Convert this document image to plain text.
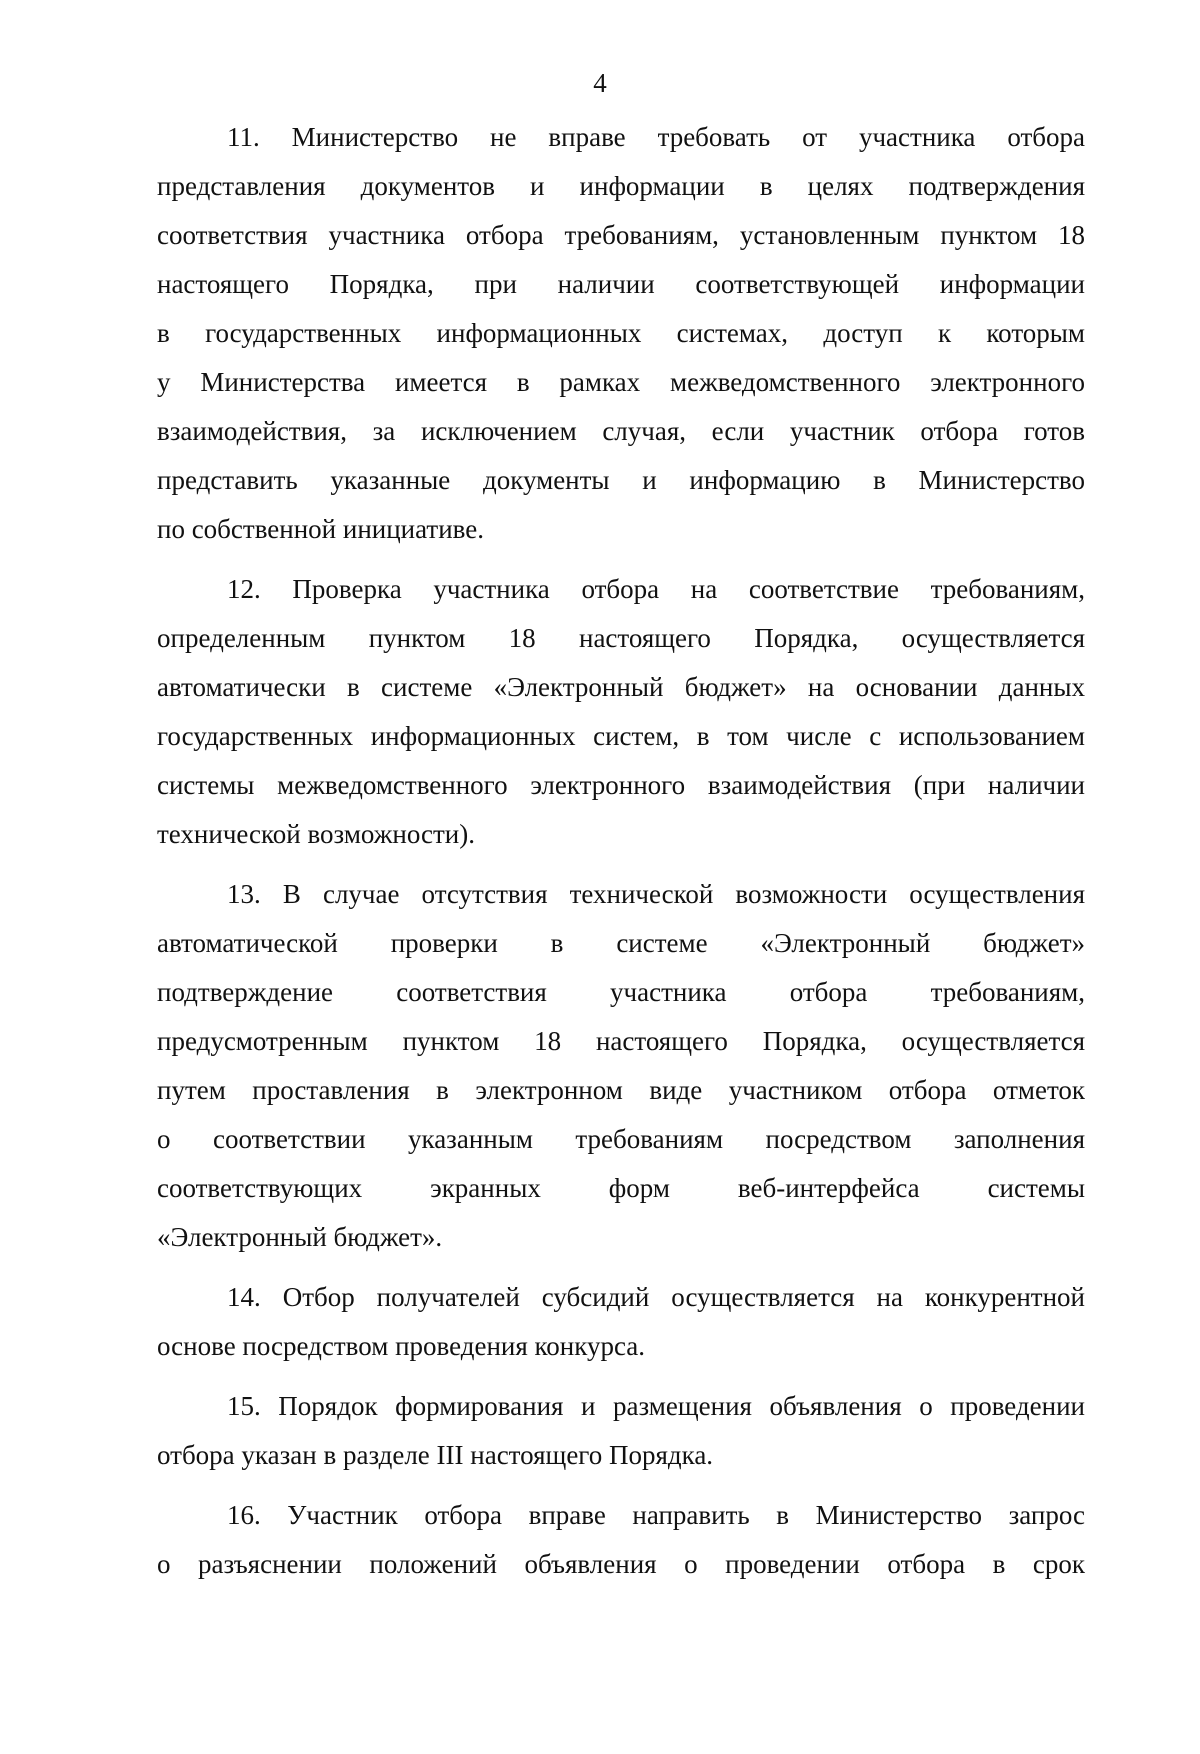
4
11. Министерство не вправе требовать от участника отбора
представления документов и информации в целях подтверждения
соответствия участника отбора требованиям, установленным пунктом 18
настоящего Порядка, при наличии соответствующей информации
в государственных информационных системах, доступ к которым
у Министерства имеется в рамках межведомственного электронного
взаимодействия, за исключением случая, если участник отбора готов
представить указанные документы и информацию в Министерство
по собственной инициативе.
12. Проверка участника отбора на соответствие требованиям,
определенным пунктом 18 настоящего Порядка, осуществляется
автоматически в системе «Электронный бюджет» на основании данных
государственных информационных систем, в том числе с использованием
системы межведомственного электронного взаимодействия (при наличии
технической возможности).
13. В случае отсутствия технической возможности осуществления
автоматической проверки в системе «Электронный бюджет»
подтверждение соответствия участника отбора требованиям,
предусмотренным пунктом 18 настоящего Порядка, осуществляется
путем проставления в электронном виде участником отбора отметок
о соответствии указанным требованиям посредством заполнения
соответствующих экранных форм веб-интерфейса системы
«Электронный бюджет».
14. Отбор получателей субсидий осуществляется на конкурентной
основе посредством проведения конкурса.
15. Порядок формирования и размещения объявления о проведении
отбора указан в разделе III настоящего Порядка.
16. Участник отбора вправе направить в Министерство запрос
о разъяснении положений объявления о проведении отбора в срок
